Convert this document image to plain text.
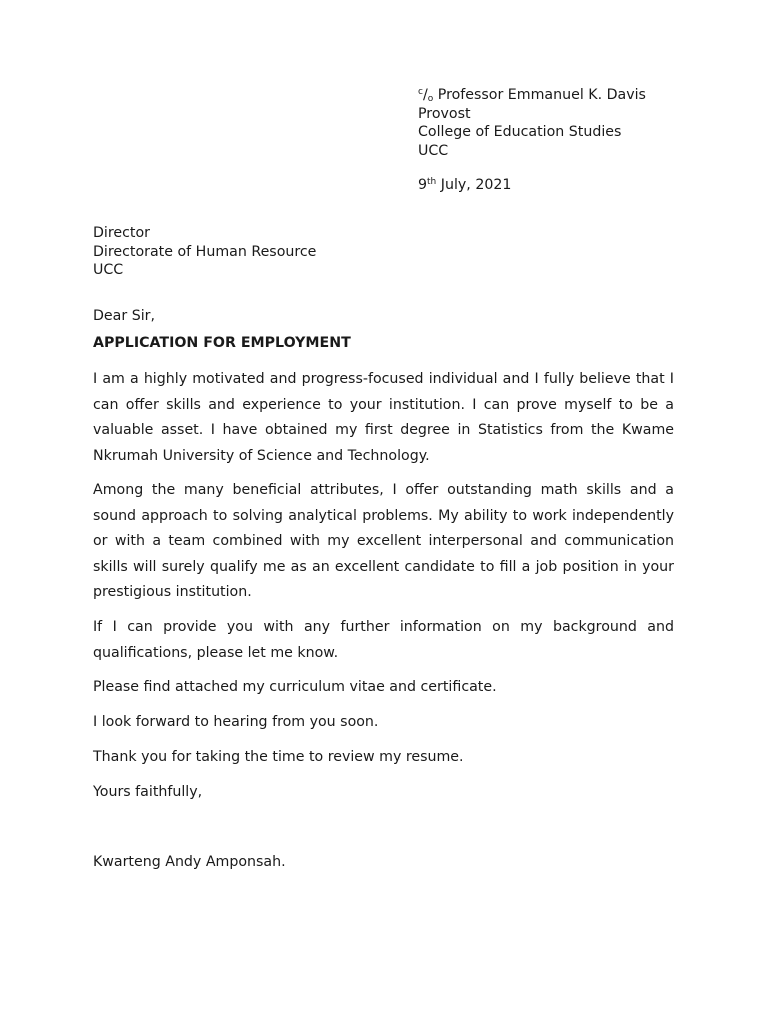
$^c/_o$ Professor Emmanuel K. Davis
Provost
College of Education Studies
UCC
9th July, 2021
Director
Directorate of Human Resource
UCC
Dear Sir,
APPLICATION FOR EMPLOYMENT
I am a highly motivated and progress-focused individual and I fully believe that I can offer skills and experience to your institution. I can prove myself to be a valuable asset. I have obtained my first degree in Statistics from the Kwame Nkrumah University of Science and Technology.
Among the many beneficial attributes, I offer outstanding math skills and a sound approach to solving analytical problems. My ability to work independently or with a team combined with my excellent interpersonal and communication skills will surely qualify me as an excellent candidate to fill a job position in your prestigious institution.
If I can provide you with any further information on my background and qualifications, please let me know.
Please find attached my curriculum vitae and certificate.
I look forward to hearing from you soon.
Thank you for taking the time to review my resume.
Yours faithfully,
Kwarteng Andy Amponsah.
